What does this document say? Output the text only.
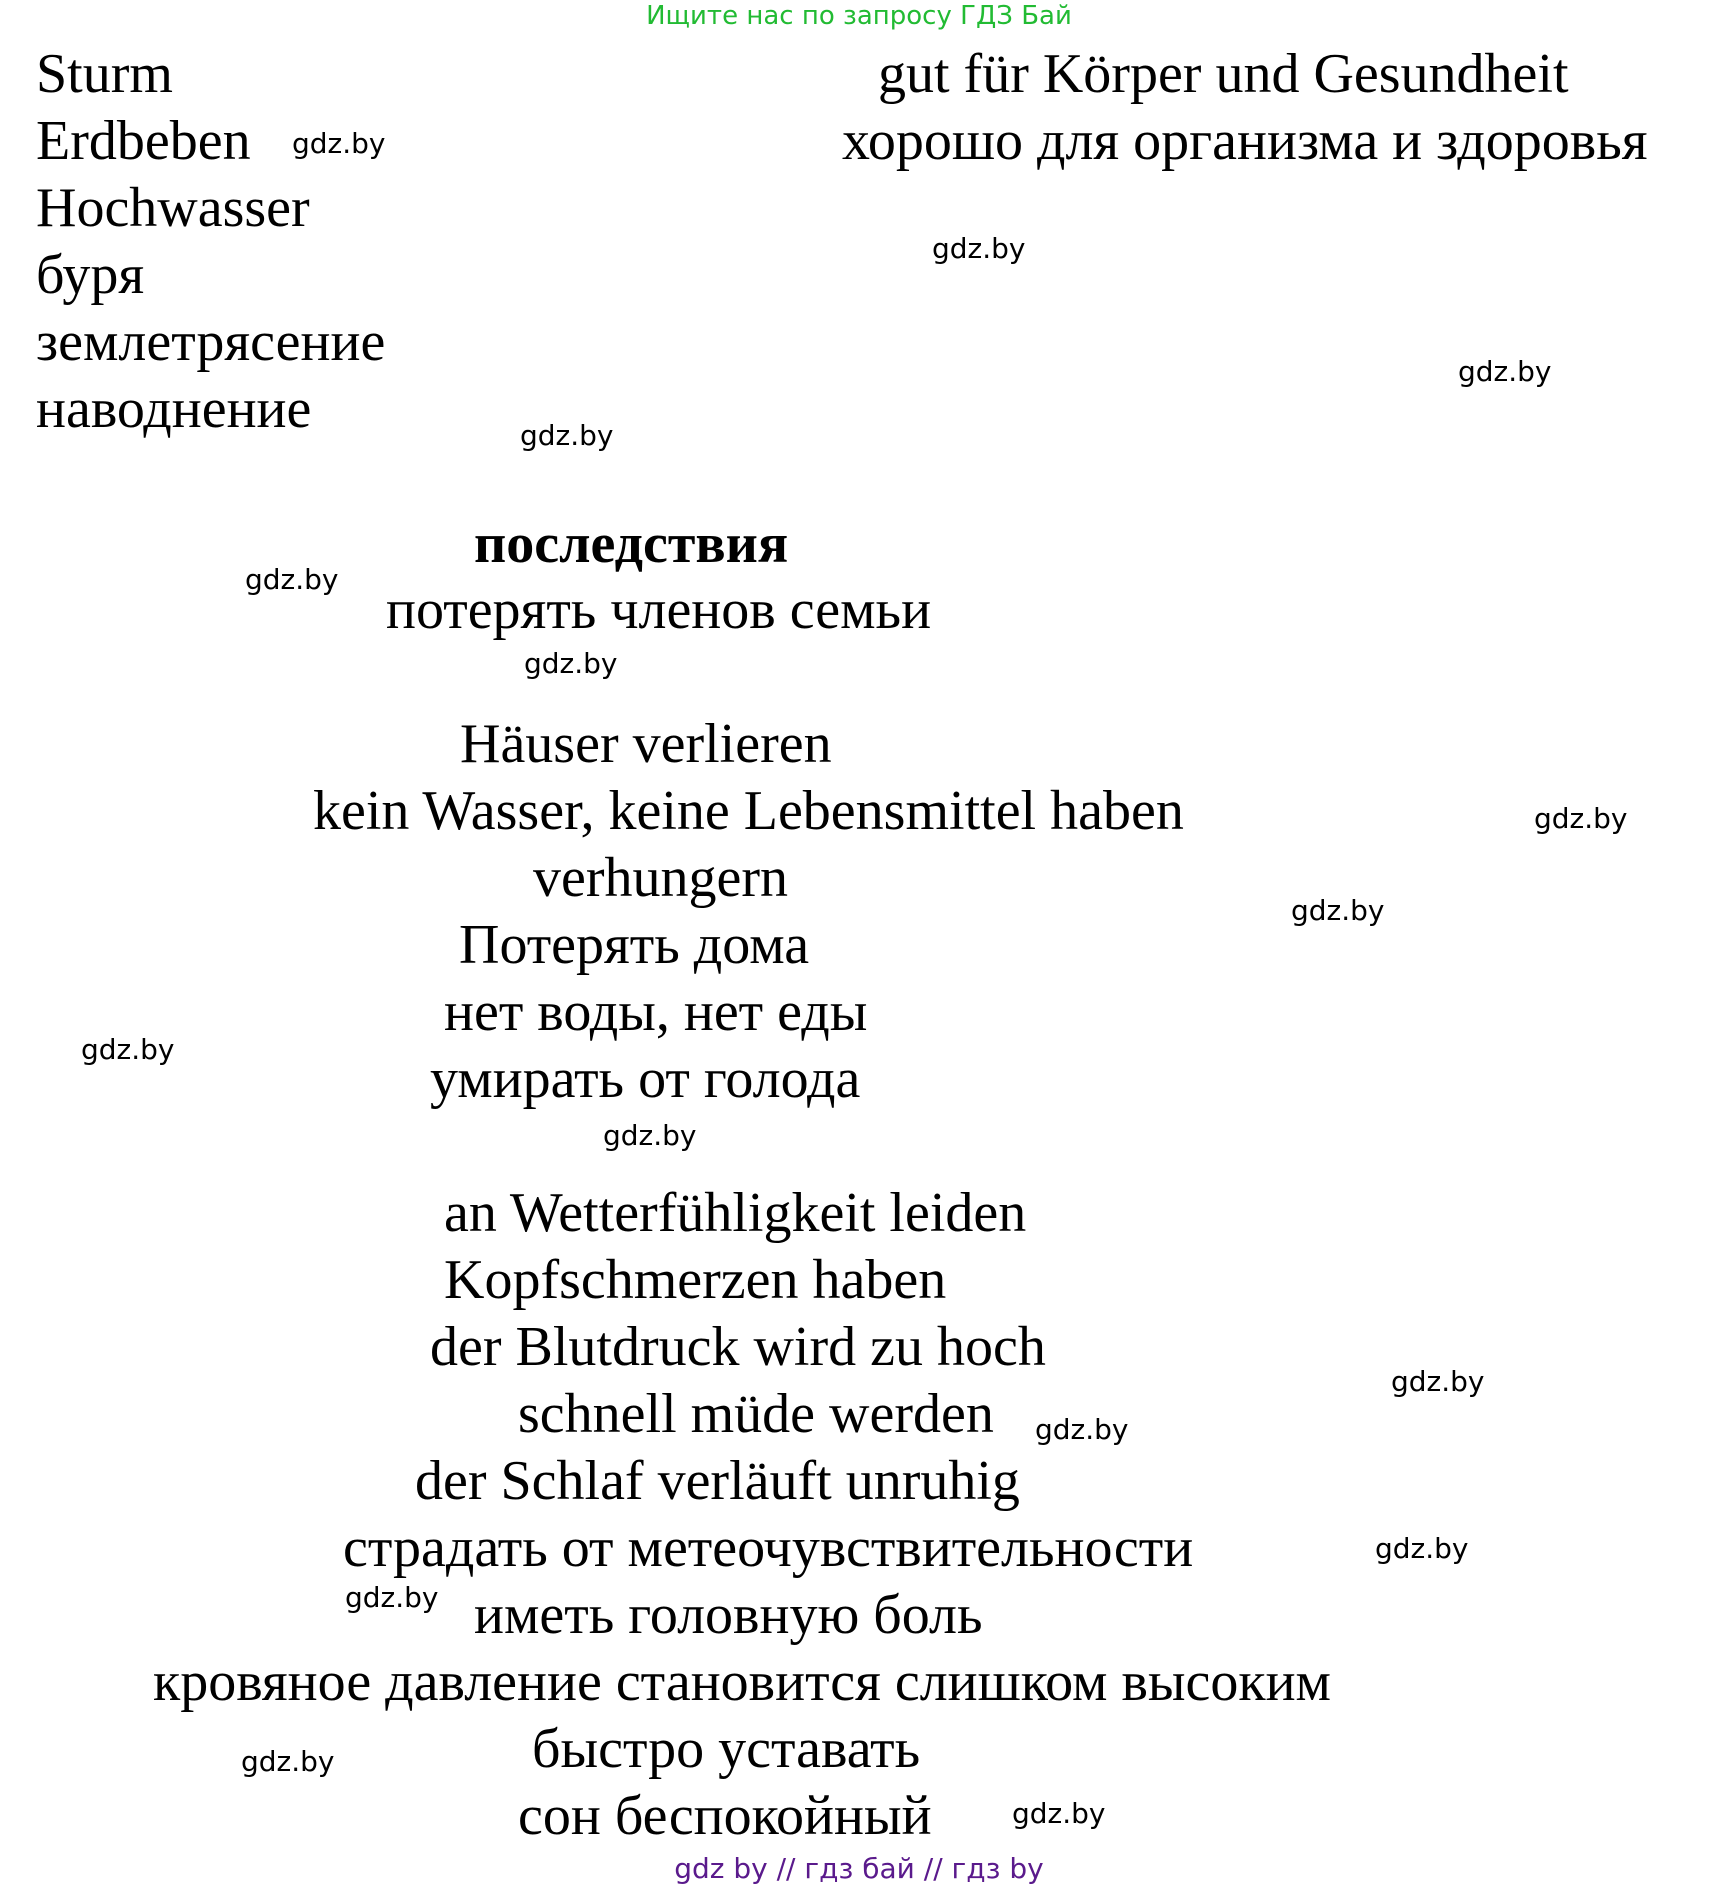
Ищите нас по запросу ГДЗ Бай
Sturm
Erdbeben
Hochwasser
буря
землетрясение
наводнение
gut für Körper und Gesundheit
хорошо для организма и здоровья
последствия
потерять членов семьи
Häuser verlieren
kein Wasser, keine Lebensmittel haben
verhungern
Потерять дома
нет воды, нет еды
умирать от голода
an Wetterfühligkeit leiden
Kopfschmerzen haben
der Blutdruck wird zu hoch
schnell müde werden
der Schlaf verläuft unruhig
страдать от метеочувствительности
иметь головную боль
кровяное давление становится слишком высоким
быстро уставать
сон беспокойный
gdz.by
gdz.by
gdz.by
gdz.by
gdz.by
gdz.by
gdz.by
gdz.by
gdz.by
gdz.by
gdz.by
gdz.by
gdz.by
gdz.by
gdz.by
gdz.by
gdz by // гдз бай // гдз by
